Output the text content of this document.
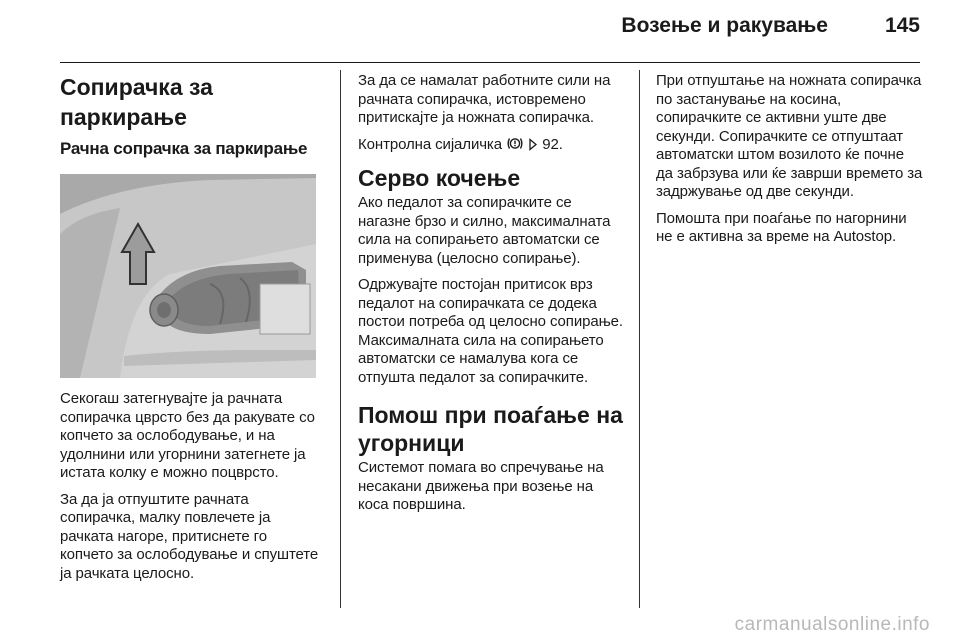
Возење и ракување	145
Сопирачка за паркирање
Рачна сопрачка за паркирање

Секогаш затегнувајте ја рачната сопирачка цврсто без да ракувате со копчето за ослободување, и на удолнини или угорнини затегнете ја истата колку е можно поцврсто.

За да ја отпуштите рачната сопирачка, малку повлечете ја рачката нагоре, притиснете го копчето за ослободување и спуштете ја рачката целосно.

За да се намалат работните сили на рачната сопирачка, истовремено притискајте ја ножната сопирачка.

Контролна сијаличка	92.

Серво кочење

Ако педалот за сопирачките се нагазне брзо и силно, максималната сила на сопирањето автоматски се применува (целосно сопирање).

Одржувајте постојан притисок врз педалот на сопирачката се додека постои потреба од целосно сопирање. Максималната сила на сопирањето автоматски се намалува кога се отпушта педалот за сопирачките.

Помош при поаѓање на угорници

Системот помага во спречување на несакани движења при возење на коса површина.

При отпуштање на ножната сопирачка по застанување на косина, сопирачките се активни уште две секунди. Сопирачките се отпуштаат автоматски штом возилото ќе почне да забрзува или ќе заврши времето за задржување од две секунди.

Помошта при поаѓање по нагорнини не е активна за време на Autostop.

carmanualsonline.info
